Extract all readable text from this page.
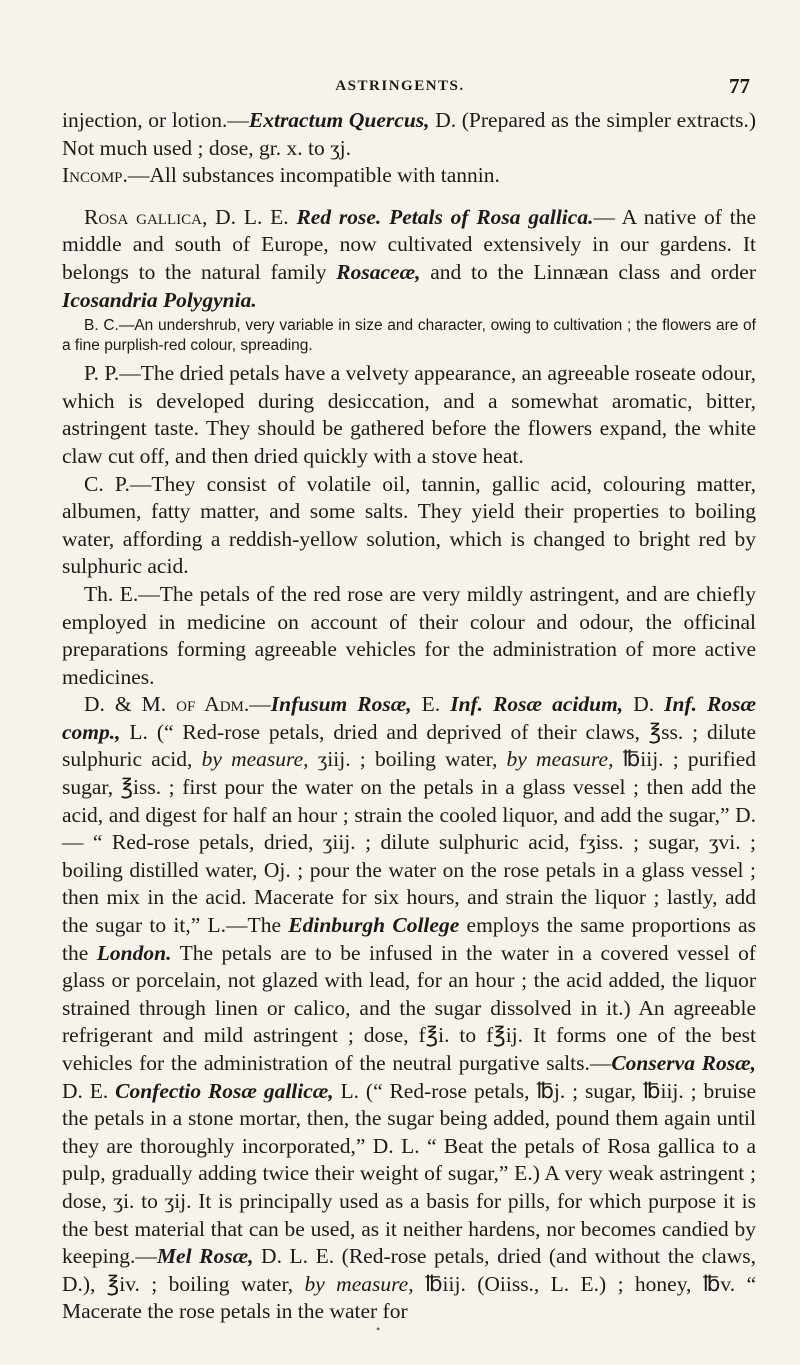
ASTRINGENTS.	77

injection, or lotion.—Extractum Quercus, D. (Prepared as the simpler extracts.) Not much used ; dose, gr. x. to ʒj.
Incomp.—All substances incompatible with tannin.

Rosa gallica, D. L. E. Red rose. Petals of Rosa gallica.— A native of the middle and south of Europe, now cultivated extensively in our gardens. It belongs to the natural family Rosaceæ, and to the Linnæan class and order Icosandria Polygynia.

B. C.—An undershrub, very variable in size and character, owing to cultivation ; the flowers are of a fine purplish-red colour, spreading.

P. P.—The dried petals have a velvety appearance, an agreeable roseate odour, which is developed during desiccation, and a somewhat aromatic, bitter, astringent taste. They should be gathered before the flowers expand, the white claw cut off, and then dried quickly with a stove heat.

C. P.—They consist of volatile oil, tannin, gallic acid, colouring matter, albumen, fatty matter, and some salts. They yield their properties to boiling water, affording a reddish-yellow solution, which is changed to bright red by sulphuric acid.

Th. E.—The petals of the red rose are very mildly astringent, and are chiefly employed in medicine on account of their colour and odour, the officinal preparations forming agreeable vehicles for the administration of more active medicines.

D. & M. of Adm.—Infusum Rosæ, E. Inf. Rosæ acidum, D. Inf. Rosæ comp., L. (“ Red-rose petals, dried and deprived of their claws, ℥ss. ; dilute sulphuric acid, by measure, ʒiij. ; boiling water, by measure, ℔iij. ; purified sugar, ℥iss. ; first pour the water on the petals in a glass vessel ; then add the acid, and digest for half an hour ; strain the cooled liquor, and add the sugar,” D.— “ Red-rose petals, dried, ʒiij. ; dilute sulphuric acid, fʒiss. ; sugar, ʒvi. ; boiling distilled water, Oj. ; pour the water on the rose petals in a glass vessel ; then mix in the acid. Macerate for six hours, and strain the liquor ; lastly, add the sugar to it,” L.—The Edinburgh College employs the same proportions as the London. The petals are to be infused in the water in a covered vessel of glass or porcelain, not glazed with lead, for an hour ; the acid added, the liquor strained through linen or calico, and the sugar dissolved in it.) An agreeable refrigerant and mild astringent ; dose, f℥i. to f℥ij. It forms one of the best vehicles for the administration of the neutral purgative salts.—Conserva Rosæ, D. E. Confectio Rosæ gallicæ, L. (“ Red-rose petals, ℔j. ; sugar, ℔iij. ; bruise the petals in a stone mortar, then, the sugar being added, pound them again until they are thoroughly incorporated,” D. L. “ Beat the petals of Rosa gallica to a pulp, gradually adding twice their weight of sugar,” E.) A very weak astringent ; dose, ʒi. to ʒij. It is principally used as a basis for pills, for which purpose it is the best material that can be used, as it neither hardens, nor becomes candied by keeping.—Mel Rosæ, D. L. E. (Red-rose petals, dried (and without the claws, D.), ℥iv. ; boiling water, by measure, ℔iij. (Oiiss., L. E.) ; honey, ℔v. “ Macerate the rose petals in the water for

•
